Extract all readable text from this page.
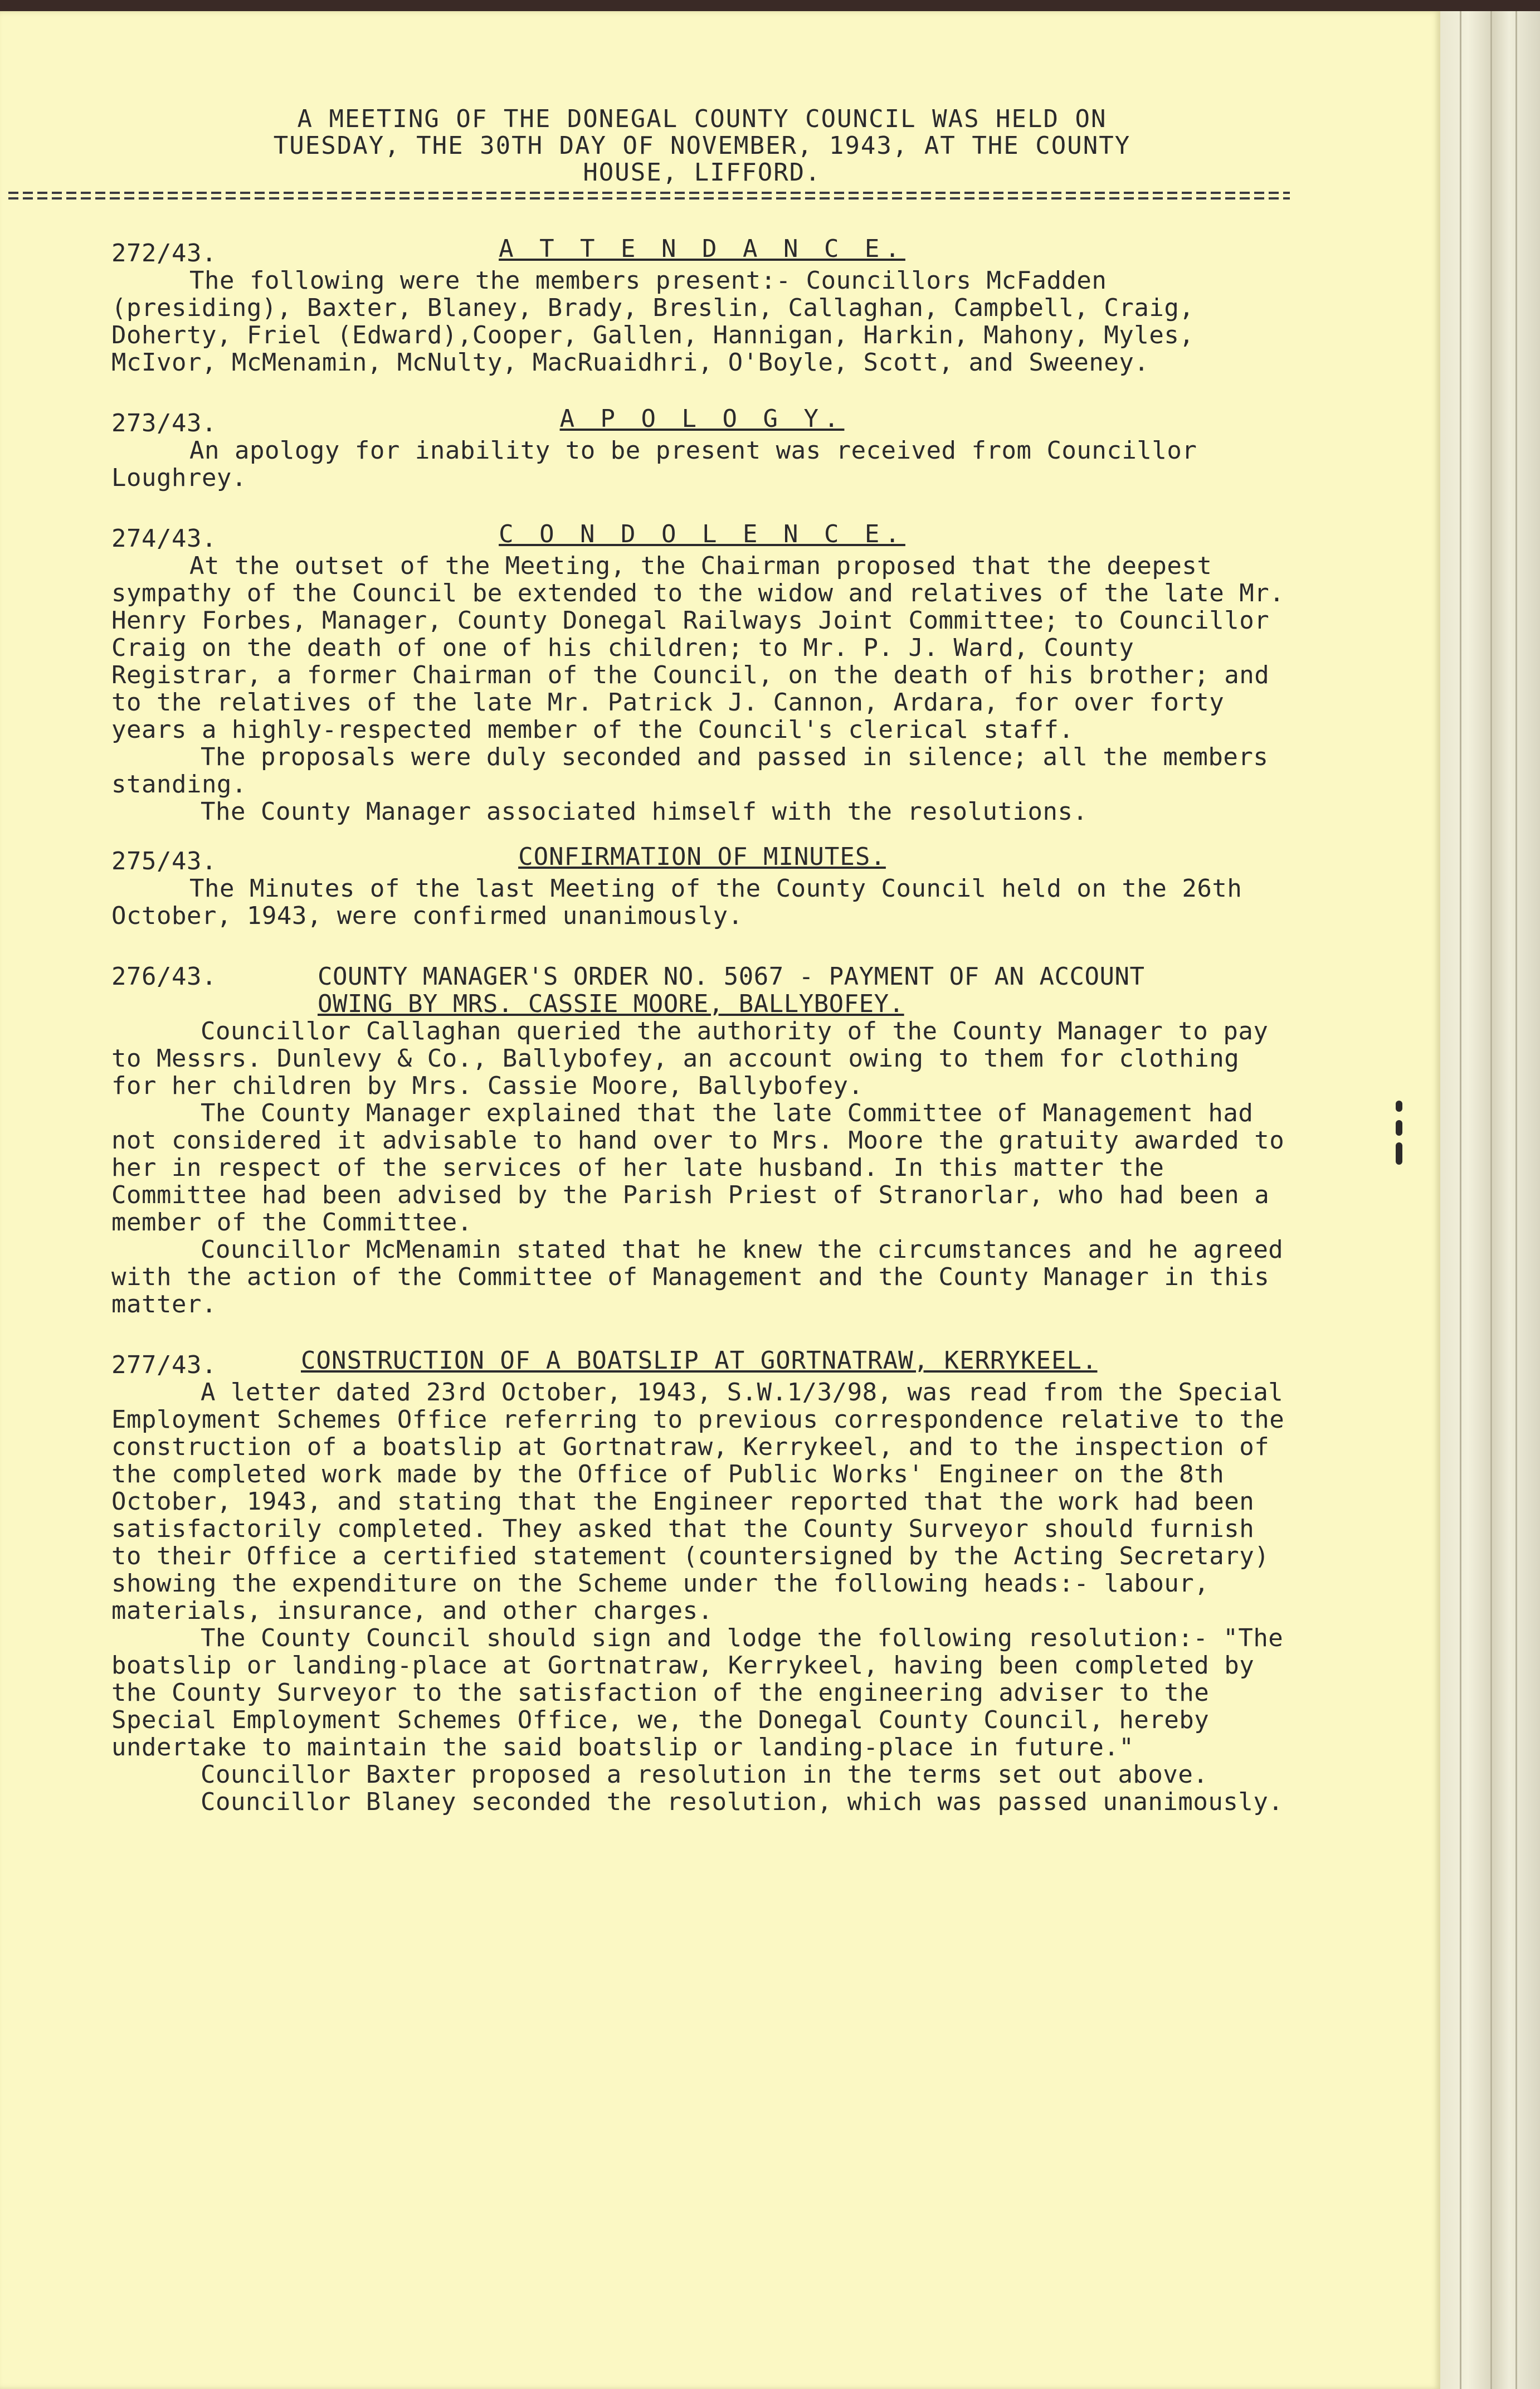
A MEETING OF THE DONEGAL COUNTY COUNCIL WAS HELD ON
TUESDAY, THE 30TH DAY OF NOVEMBER, 1943, AT THE COUNTY
HOUSE, LIFFORD.
272/43.	A T T E N D A N C E.

The following were the members present:- Councillors McFadden (presiding), Baxter, Blaney, Brady, Breslin, Callaghan, Campbell, Craig, Doherty, Friel (Edward),Cooper, Gallen, Hannigan, Harkin, Mahony, Myles, McIvor, McMenamin, McNulty, MacRuaidhri, O'Boyle, Scott, and Sweeney.

273/43.	A P O L O G Y.

An apology for inability to be present was received from Councillor Loughrey.

274/43.	C O N D O L E N C E.

At the outset of the Meeting, the Chairman proposed that the deepest sympathy of the Council be extended to the widow and relatives of the late Mr. Henry Forbes, Manager, County Donegal Railways Joint Committee; to Councillor Craig on the death of one of his children; to Mr. P. J. Ward, County Registrar, a former Chairman of the Council, on the death of his brother; and to the relatives of the late Mr. Patrick J. Cannon, Ardara, for over forty years a highly-respected member of the Council's clerical staff.

The proposals were duly seconded and passed in silence; all the members standing.

The County Manager associated himself with the resolutions.

275/43.	CONFIRMATION OF MINUTES.

The Minutes of the last Meeting of the County Council held on the 26th October, 1943, were confirmed unanimously.

276/43.	COUNTY MANAGER'S ORDER NO. 5067 - PAYMENT OF AN ACCOUNT
OWING BY MRS. CASSIE MOORE, BALLYBOFEY.

Councillor Callaghan queried the authority of the County Manager to pay to Messrs. Dunlevy & Co., Ballybofey, an account owing to them for clothing for her children by Mrs. Cassie Moore, Ballybofey.

The County Manager explained that the late Committee of Management had not considered it advisable to hand over to Mrs. Moore the gratuity awarded to her in respect of the services of her late husband. In this matter the Committee had been advised by the Parish Priest of Stranorlar, who had been a member of the Committee.

Councillor McMenamin stated that he knew the circumstances and he agreed with the action of the Committee of Management and the County Manager in this matter.

277/43.	CONSTRUCTION OF A BOATSLIP AT GORTNATRAW, KERRYKEEL.

A letter dated 23rd October, 1943, S.W.1/3/98, was read from the Special Employment Schemes Office referring to previous correspondence relative to the construction of a boatslip at Gortnatraw, Kerrykeel, and to the inspection of the completed work made by the Office of Public Works' Engineer on the 8th October, 1943, and stating that the Engineer reported that the work had been satisfactorily completed. They asked that the County Surveyor should furnish to their Office a certified statement (countersigned by the Acting Secretary) showing the expenditure on the Scheme under the following heads:- labour, materials, insurance, and other charges.

The County Council should sign and lodge the following resolution:- "The boatslip or landing-place at Gortnatraw, Kerrykeel, having been completed by the County Surveyor to the satisfaction of the engineering adviser to the Special Employment Schemes Office, we, the Donegal County Council, hereby undertake to maintain the said boatslip or landing-place in future."

Councillor Baxter proposed a resolution in the terms set out above.

Councillor Blaney seconded the resolution, which was passed unanimously.
